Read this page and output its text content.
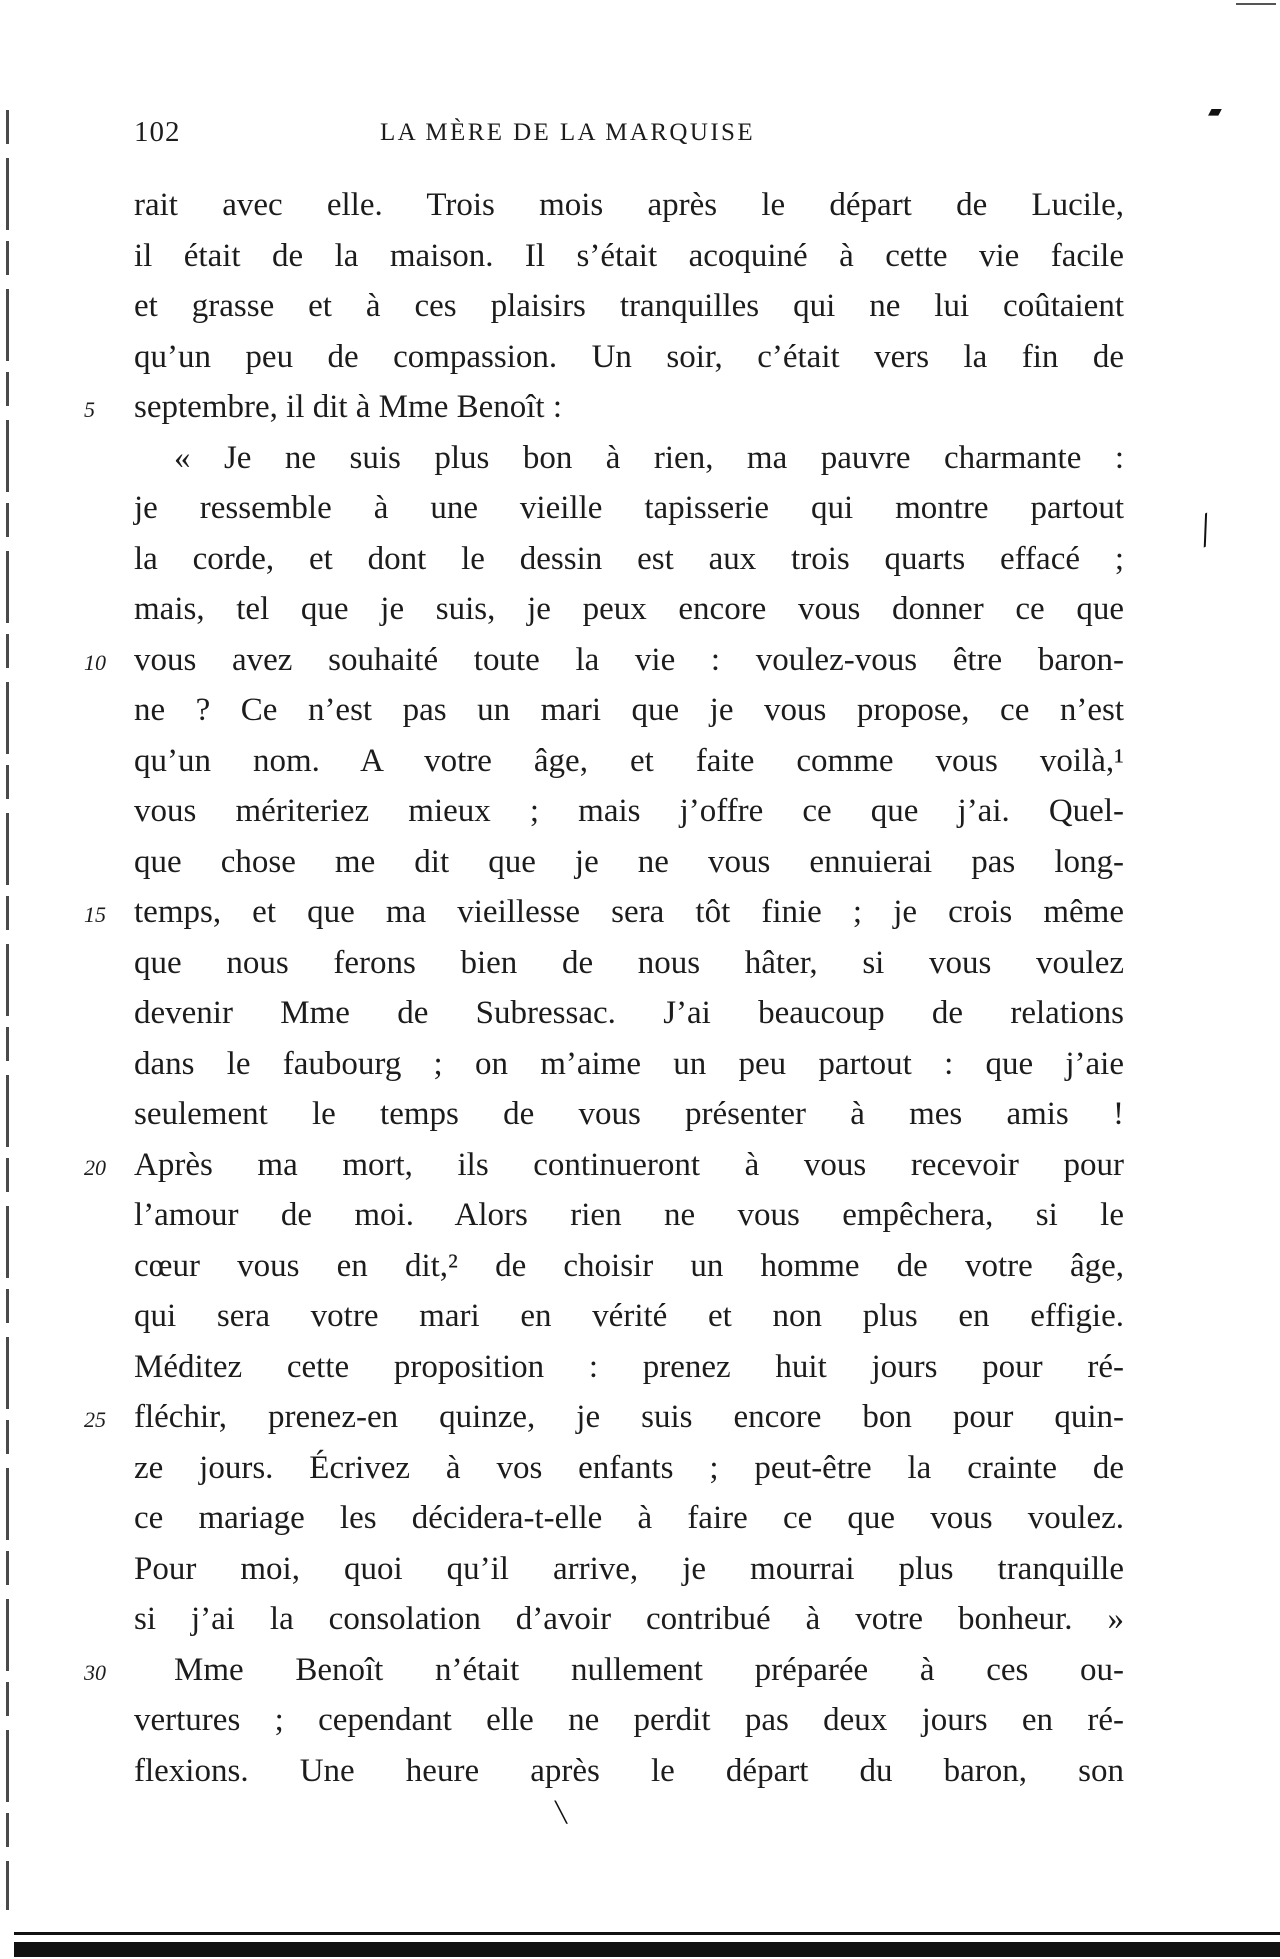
▰
╱
╲
102	LA MÈRE DE LA MARQUISE
rait avec elle. Trois mois après le départ de Lucile,
il était de la maison. Il s’était acoquiné à cette vie facile
et grasse et à ces plaisirs tranquilles qui ne lui coûtaient
qu’un peu de compassion. Un soir, c’était vers la fin de
septembre, il dit à Mme Benoît :
5
« Je ne suis plus bon à rien, ma pauvre charmante :
je ressemble à une vieille tapisserie qui montre partout
la corde, et dont le dessin est aux trois quarts effacé ;
mais, tel que je suis, je peux encore vous donner ce que
vous avez souhaité toute la vie : voulez-vous être baron-
10
ne ? Ce n’est pas un mari que je vous propose, ce n’est
qu’un nom. A votre âge, et faite comme vous voilà,¹
vous mériteriez mieux ; mais j’offre ce que j’ai. Quel-
que chose me dit que je ne vous ennuierai pas long-
temps, et que ma vieillesse sera tôt finie ; je crois même
15
que nous ferons bien de nous hâter, si vous voulez
devenir Mme de Subressac. J’ai beaucoup de relations
dans le faubourg ; on m’aime un peu partout : que j’aie
seulement le temps de vous présenter à mes amis !
Après ma mort, ils continueront à vous recevoir pour
20
l’amour de moi. Alors rien ne vous empêchera, si le
cœur vous en dit,² de choisir un homme de votre âge,
qui sera votre mari en vérité et non plus en effigie.
Méditez cette proposition : prenez huit jours pour ré-
fléchir, prenez-en quinze, je suis encore bon pour quin-
25
ze jours. Écrivez à vos enfants ; peut-être la crainte de
ce mariage les décidera-t-elle à faire ce que vous voulez.
Pour moi, quoi qu’il arrive, je mourrai plus tranquille
si j’ai la consolation d’avoir contribué à votre bonheur. »
Mme Benoît n’était nullement préparée à ces ou-
30
vertures ; cependant elle ne perdit pas deux jours en ré-
flexions. Une heure après le départ du baron, son
